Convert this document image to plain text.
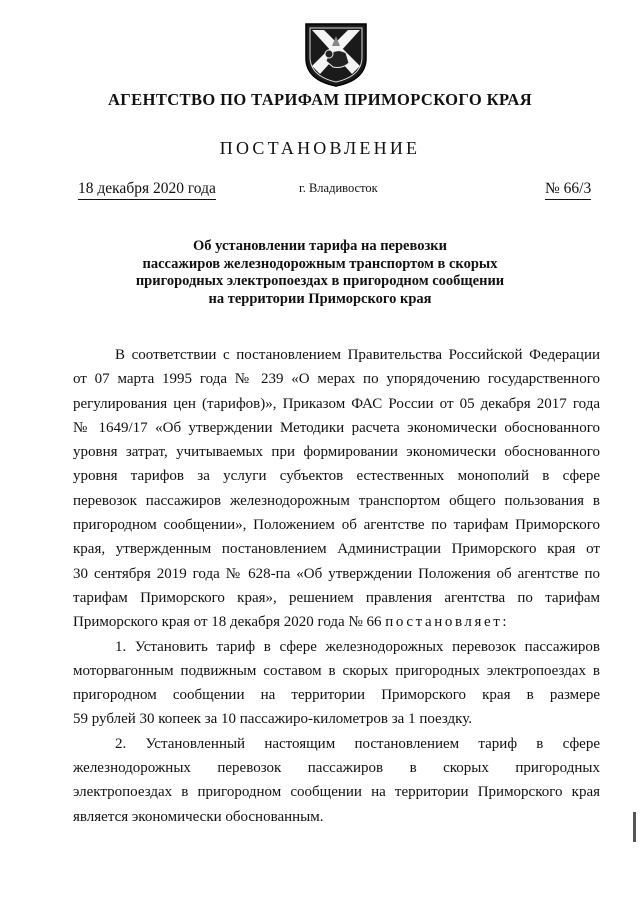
АГЕНТСТВО ПО ТАРИФАМ ПРИМОРСКОГО КРАЯ
ПОСТАНОВЛЕНИЕ
18 декабря 2020 года	г. Владивосток	№ 66/3
Об установлении тарифа на перевозки
пассажиров железнодорожным транспортом в скорых
пригородных электропоездах в пригородном сообщении
на территории Приморского края
В соответствии с постановлением Правительства Российской Федерации
от 07 марта 1995 года № 239 «О мерах по упорядочению государственного
регулирования цен (тарифов)», Приказом ФАС России от 05 декабря 2017 года
№ 1649/17 «Об утверждении Методики расчета экономически обоснованного
уровня затрат, учитываемых при формировании экономически обоснованного
уровня тарифов за услуги субъектов естественных монополий в сфере
перевозок пассажиров железнодорожным транспортом общего пользования в
пригородном сообщении», Положением об агентстве по тарифам Приморского
края, утвержденным постановлением Администрации Приморского края от
30 сентября 2019 года № 628-па «Об утверждении Положения об агентстве по
тарифам Приморского края», решением правления агентства по тарифам
Приморского края от 18 декабря 2020 года № 66 постановляет:
1. Установить тариф в сфере железнодорожных перевозок пассажиров
моторвагонным подвижным составом в скорых пригородных электропоездах в
пригородном сообщении на территории Приморского края в размере
59 рублей 30 копеек за 10 пассажиро-километров за 1 поездку.
2. Установленный настоящим постановлением тариф в сфере
железнодорожных перевозок пассажиров в скорых пригородных
электропоездах в пригородном сообщении на территории Приморского края
является экономически обоснованным.
